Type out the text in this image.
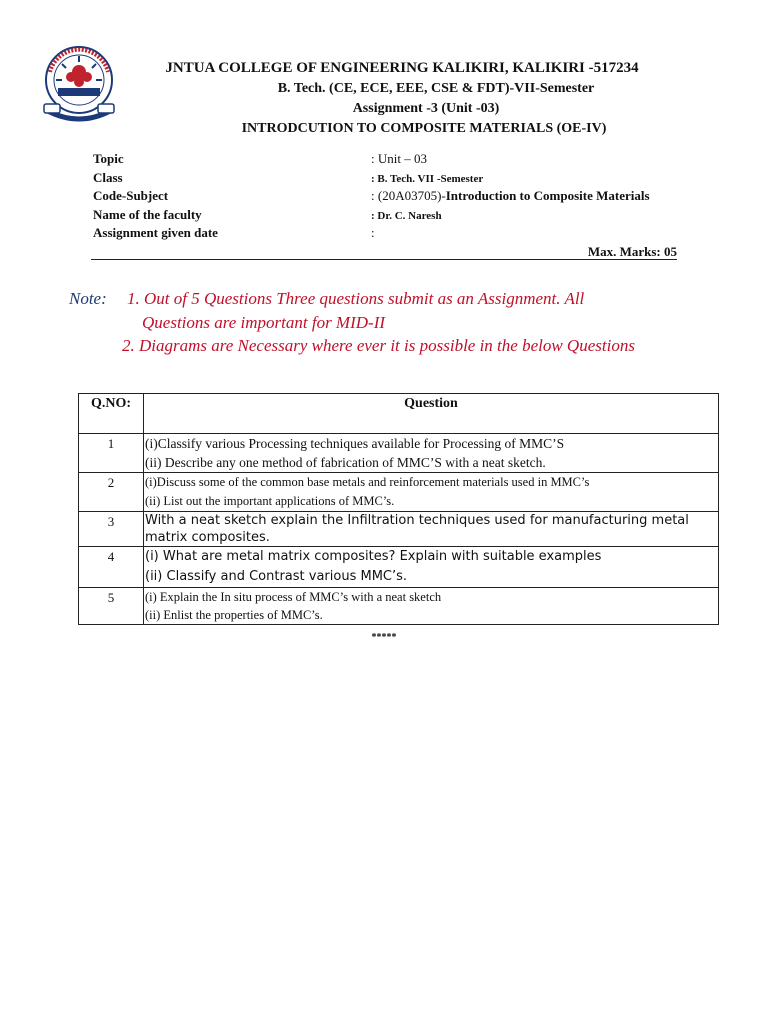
JNTUA COLLEGE OF ENGINEERING KALIKIRI, KALIKIRI -517234
B. Tech. (CE, ECE, EEE, CSE & FDT)-VII-Semester
Assignment -3 (Unit -03)
INTRODCUTION TO COMPOSITE MATERIALS (OE-IV)
Topic	: Unit – 03
Class	: B. Tech. VII -Semester
Code-Subject	: (20A03705)-Introduction to Composite Materials
Name of the faculty	: Dr. C. Naresh
Assignment given date	:
Max. Marks: 05
Note: 1. Out of 5 Questions Three questions submit as an Assignment. All
Questions are important for MID-II
2. Diagrams are Necessary where ever it is possible in the below Questions
Q.NO:	Question
1	(i)Classify various Processing techniques available for Processing of MMC’S
(ii) Describe any one method of fabrication of MMC’S with a neat sketch.

2	(i)Discuss some of the common base metals and reinforcement materials used in MMC’s
(ii) List out the important applications of MMC’s.

3	With a neat sketch explain the Infiltration techniques used for manufacturing metal
matrix composites.

4	(i) What are metal matrix composites? Explain with suitable examples
(ii) Classify and Contrast various MMC’s.

5	(i) Explain the In situ process of MMC’s with a neat sketch
(ii) Enlist the properties of MMC’s.
*****
